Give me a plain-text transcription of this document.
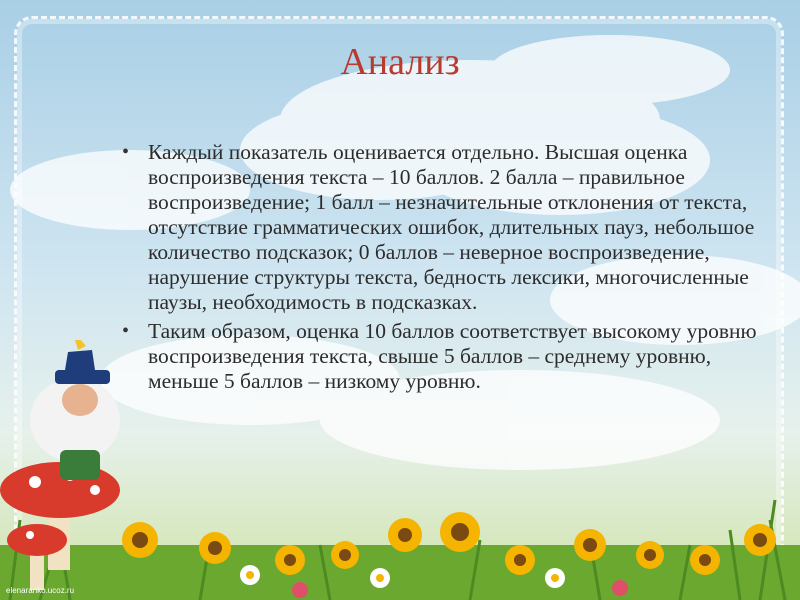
Анализ
• Каждый показатель оценивается отдельно. Высшая оценка воспроизведения текста – 10 баллов. 2 балла – правильное воспроизведение; 1 балл – незначительные отклонения от текста, отсутствие грамматических ошибок, длительных пауз, небольшое количество подсказок; 0 баллов – неверное воспроизведение, нарушение структуры текста, бедность лексики, многочисленные паузы, необходимость в подсказках.
• Таким образом, оценка 10 баллов соответствует высокому уровню воспроизведения текста, свыше 5 баллов – среднему уровню, меньше 5 баллов – низкому уровню.
elenaranko.ucoz.ru
